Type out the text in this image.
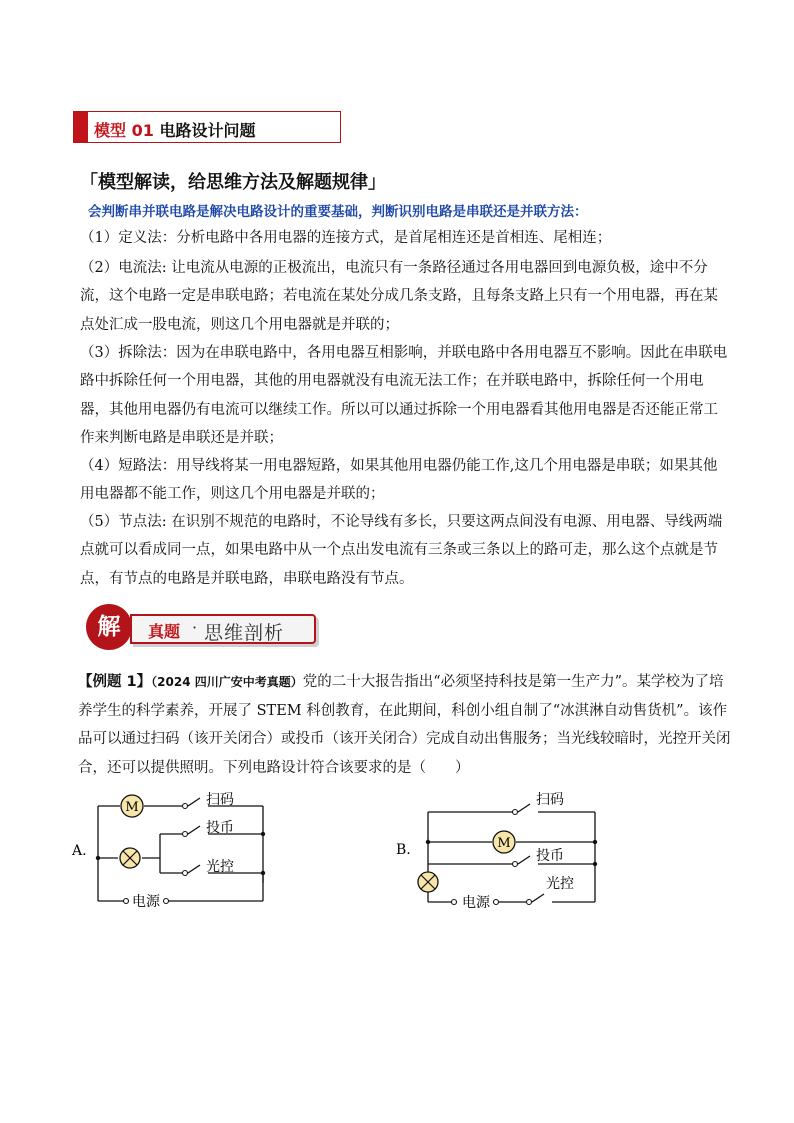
模型 01 电路设计问题
「模型解读，给思维方法及解题规律」
会判断串并联电路是解决电路设计的重要基础，判断识别电路是串联还是并联方法：
（1）定义法：分析电路中各用电器的连接方式，是首尾相连还是首相连、尾相连；
（2）电流法: 让电流从电源的正极流出，电流只有一条路径通过各用电器回到电源负极，途中不分流，这个电路一定是串联电路；若电流在某处分成几条支路，且每条支路上只有一个用电器，再在某点处汇成一股电流，则这几个用电器就是并联的；
（3）拆除法：因为在串联电路中，各用电器互相影响，并联电路中各用电器互不影响。因此在串联电路中拆除任何一个用电器，其他的用电器就没有电流无法工作；在并联电路中，拆除任何一个用电器，其他用电器仍有电流可以继续工作。所以可以通过拆除一个用电器看其他用电器是否还能正常工作来判断电路是串联还是并联；
（4）短路法：用导线将某一用电器短路，如果其他用电器仍能工作,这几个用电器是串联；如果其他用电器都不能工作，则这几个用电器是并联的；
（5）节点法: 在识别不规范的电路时，不论导线有多长，只要这两点间没有电源、用电器、导线两端点就可以看成同一点，如果电路中从一个点出发电流有三条或三条以上的路可走，那么这个点就是节点，有节点的电路是并联电路，串联电路没有节点。
真题 · 思维剖析
解
【例题 1】（2024 四川广安中考真题）党的二十大报告指出“必须坚持科技是第一生产力”。某学校为了培养学生的科学素养，开展了 STEM 科创教育，在此期间，科创小组自制了“冰淇淋自动售货机”。该作品可以通过扫码（该开关闭合）或投币（该开关闭合）完成自动出售服务；当光线较暗时，光控开关闭合，还可以提供照明。下列电路设计符合该要求的是（　　）
A.
M	扫码
投币
光控
电源
B.	M
扫码
投币
光控
电源
